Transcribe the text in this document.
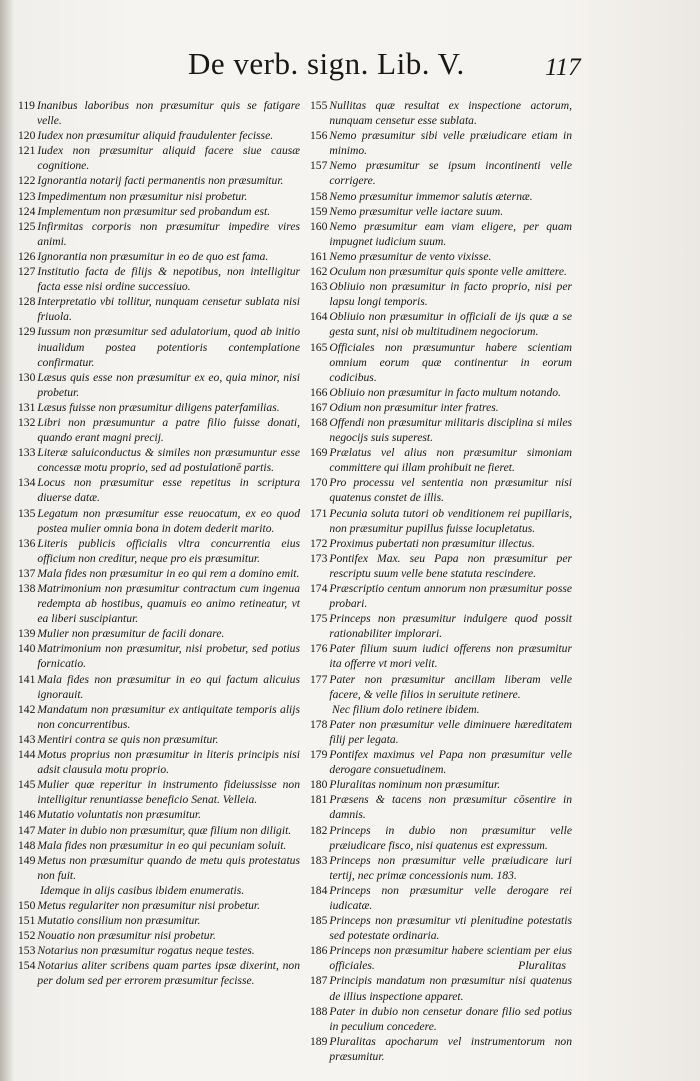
De verb. sign. Lib. V.	117
119 Inanibus laboribus non præsumitur quis se fatigare velle.
120 Iudex non præsumitur aliquid fraudulenter fecisse.
121 Iudex non præsumitur aliquid facere siue causæ cognitione.
122 Ignorantia notarij facti permanentis non præsumitur.
123 Impedimentum non præsumitur nisi probetur.
124 Implementum non præsumitur sed probandum est.
125 Infirmitas corporis non præsumitur impedire vires animi.
126 Ignorantia non præsumitur in eo de quo est fama.
127 Institutio facta de filijs & nepotibus, non intelligitur facta esse nisi ordine successiuo.
128 Interpretatio vbi tollitur, nunquam censetur sublata nisi friuola.
129 Iussum non præsumitur sed adulatorium, quod ab initio inualidum postea potentioris contemplatione confirmatur.
130 Læsus quis esse non præsumitur ex eo, quia minor, nisi probetur.
131 Læsus fuisse non præsumitur diligens paterfamilias.
132 Libri non præsumuntur a patre filio fuisse donati, quando erant magni precij.
133 Literæ saluiconductus & similes non præsumuntur esse concessæ motu proprio, sed ad postulationē partis.
134 Locus non præsumitur esse repetitus in scriptura diuerse datæ.
135 Legatum non præsumitur esse reuocatum, ex eo quod postea mulier omnia bona in dotem dederit marito.
136 Literis publicis officialis vltra concurrentia eius officium non creditur, neque pro eis præsumitur.
137 Mala fides non præsumitur in eo qui rem a domino emit.
138 Matrimonium non præsumitur contractum cum ingenua redempta ab hostibus, quamuis eo animo retineatur, vt ea liberi suscipiantur.
139 Mulier non præsumitur de facili donare.
140 Matrimonium non præsumitur, nisi probetur, sed potius fornicatio.
141 Mala fides non præsumitur in eo qui factum alicuius ignorauit.
142 Mandatum non præsumitur ex antiquitate temporis alijs non concurrentibus.
143 Mentiri contra se quis non præsumitur.
144 Motus proprius non præsumitur in literis principis nisi adsit clausula motu proprio.
145 Mulier quæ reperitur in instrumento fideiussisse non intelligitur renuntiasse beneficio Senat. Velleia.
146 Mutatio voluntatis non præsumitur.
147 Mater in dubio non præsumitur, quæ filium non diligit.
148 Mala fides non præsumitur in eo qui pecuniam soluit.
149 Metus non præsumitur quando de metu quis protestatus non fuit.
Idemque in alijs casibus ibidem enumeratis.
150 Metus regulariter non præsumitur nisi probetur.
151 Mutatio consilium non præsumitur.
152 Nouatio non præsumitur nisi probetur.
153 Notarius non præsumitur rogatus neque testes.
154 Notarius aliter scribens quam partes ipsæ dixerint, non per dolum sed per errorem præsumitur fecisse.
155 Nullitas quæ resultat ex inspectione actorum, nunquam censetur esse sublata.
156 Nemo præsumitur sibi velle præiudicare etiam in minimo.
157 Nemo præsumitur se ipsum incontinenti velle corrigere.
158 Nemo præsumitur immemor salutis æternæ.
159 Nemo præsumitur velle iactare suum.
160 Nemo præsumitur eam viam eligere, per quam impugnet iudicium suum.
161 Nemo præsumitur de vento vixisse.
162 Oculum non præsumitur quis sponte velle amittere.
163 Obliuio non præsumitur in facto proprio, nisi per lapsu longi temporis.
164 Obliuio non præsumitur in officiali de ijs quæ a se gesta sunt, nisi ob multitudinem negociorum.
165 Officiales non præsumuntur habere scientiam omnium eorum quæ continentur in eorum codicibus.
166 Obliuio non præsumitur in facto multum notando.
167 Odium non præsumitur inter fratres.
168 Offendi non præsumitur militaris disciplina si miles negocijs suis superest.
169 Prælatus vel alius non præsumitur simoniam committere qui illam prohibuit ne fieret.
170 Pro processu vel sententia non præsumitur nisi quatenus constet de illis.
171 Pecunia soluta tutori ob venditionem rei pupillaris, non præsumitur pupillus fuisse locupletatus.
172 Proximus pubertati non præsumitur illectus.
173 Pontifex Max. seu Papa non præsumitur per rescriptu suum velle bene statuta rescindere.
174 Præscriptio centum annorum non præsumitur posse probari.
175 Princeps non præsumitur indulgere quod possit rationabiliter implorari.
176 Pater filium suum iudici offerens non præsumitur ita offerre vt mori velit.
177 Pater non præsumitur ancillam liberam velle facere, & velle filios in seruitute retinere.
Nec filium dolo retinere ibidem.
178 Pater non præsumitur velle diminuere hæreditatem filij per legata.
179 Pontifex maximus vel Papa non præsumitur velle derogare consuetudinem.
180 Pluralitas nominum non præsumitur.
181 Præsens & tacens non præsumitur cōsentire in damnis.
182 Princeps in dubio non præsumitur velle præiudicare fisco, nisi quatenus est expressum.
183 Princeps non præsumitur velle præiudicare iuri tertij, nec primæ concessionis num. 183.
184 Princeps non præsumitur velle derogare rei iudicatæ.
185 Princeps non præsumitur vti plenitudine potestatis sed potestate ordinaria.
186 Princeps non præsumitur habere scientiam per eius officiales.
187 Principis mandatum non præsumitur nisi quatenus de illius inspectione apparet.
188 Pater in dubio non censetur donare filio sed potius in peculium concedere.
189 Pluralitas apocharum vel instrumentorum non præsumitur.
Pluralitas
